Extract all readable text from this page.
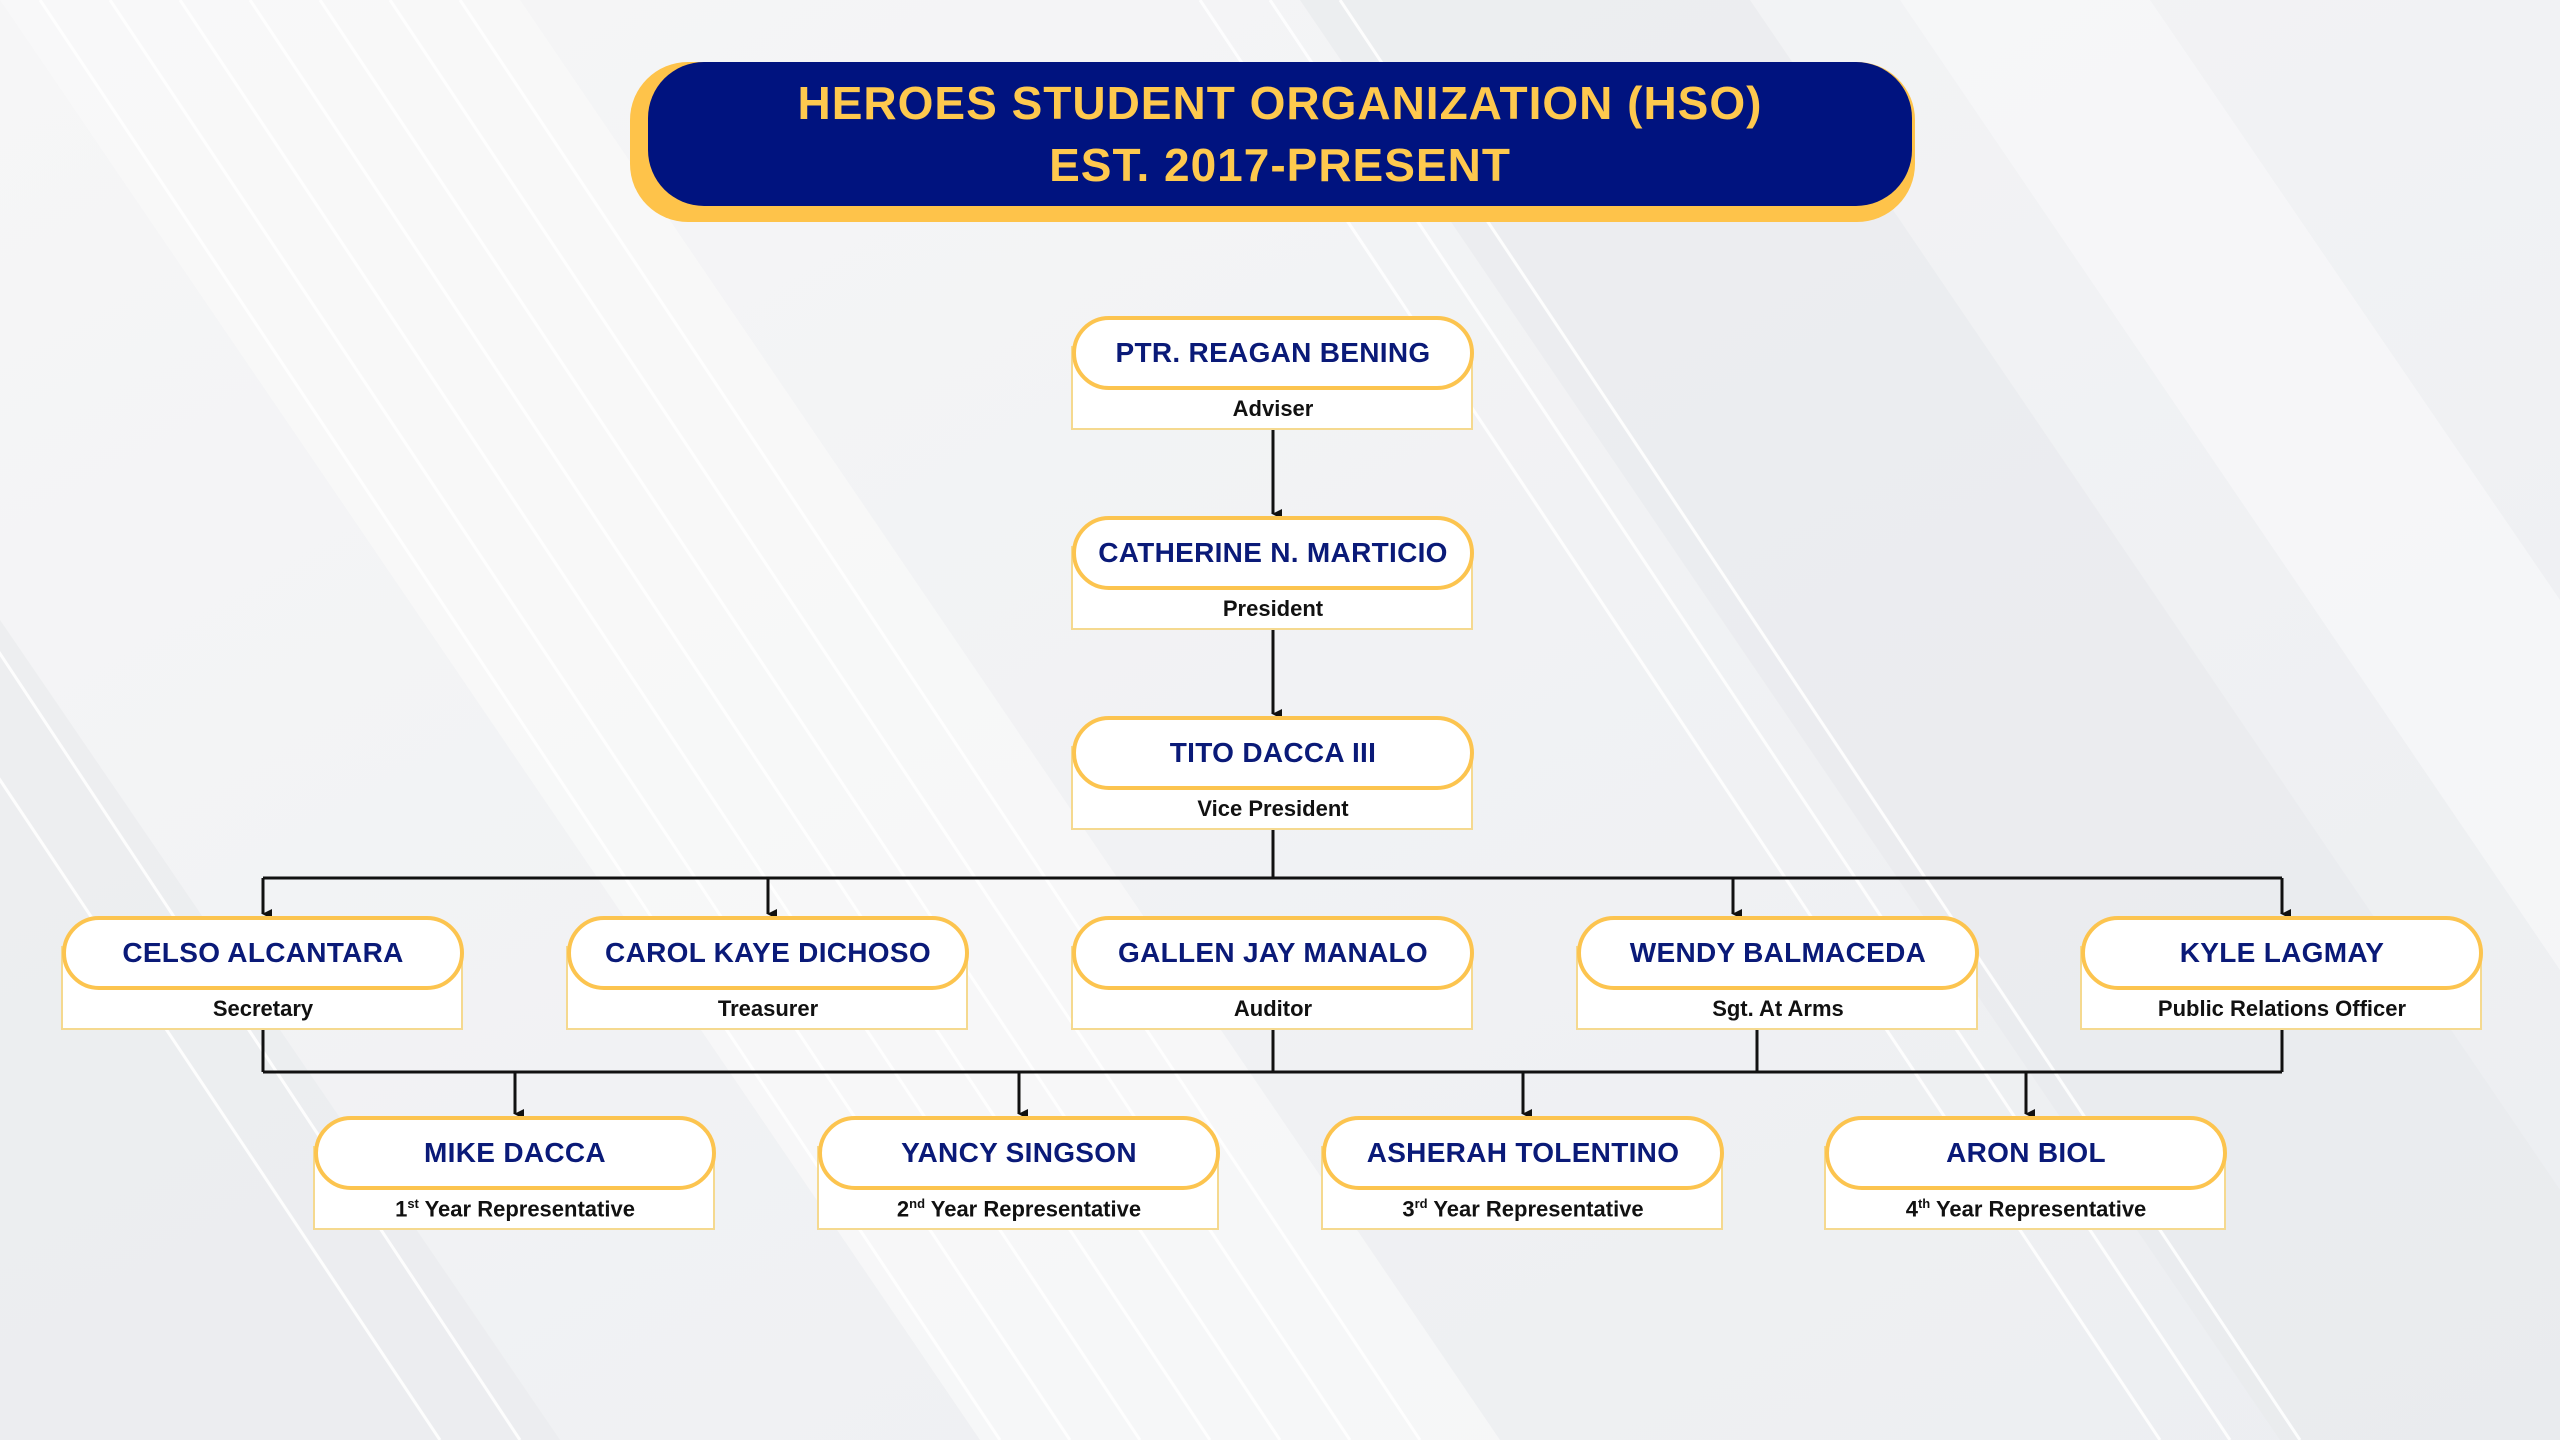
HEROES STUDENT ORGANIZATION (HSO)
EST. 2017-PRESENT
PTR. REAGAN BENING
Adviser
CATHERINE N. MARTICIO
President
TITO DACCA III
Vice President
CELSO ALCANTARA
Secretary
CAROL KAYE DICHOSO
Treasurer
GALLEN JAY MANALO
Auditor
WENDY BALMACEDA
Sgt. At Arms
KYLE LAGMAY
Public Relations Officer
MIKE DACCA
1st Year Representative
YANCY SINGSON
2nd Year Representative
ASHERAH TOLENTINO
3rd Year Representative
ARON BIOL
4th Year Representative
